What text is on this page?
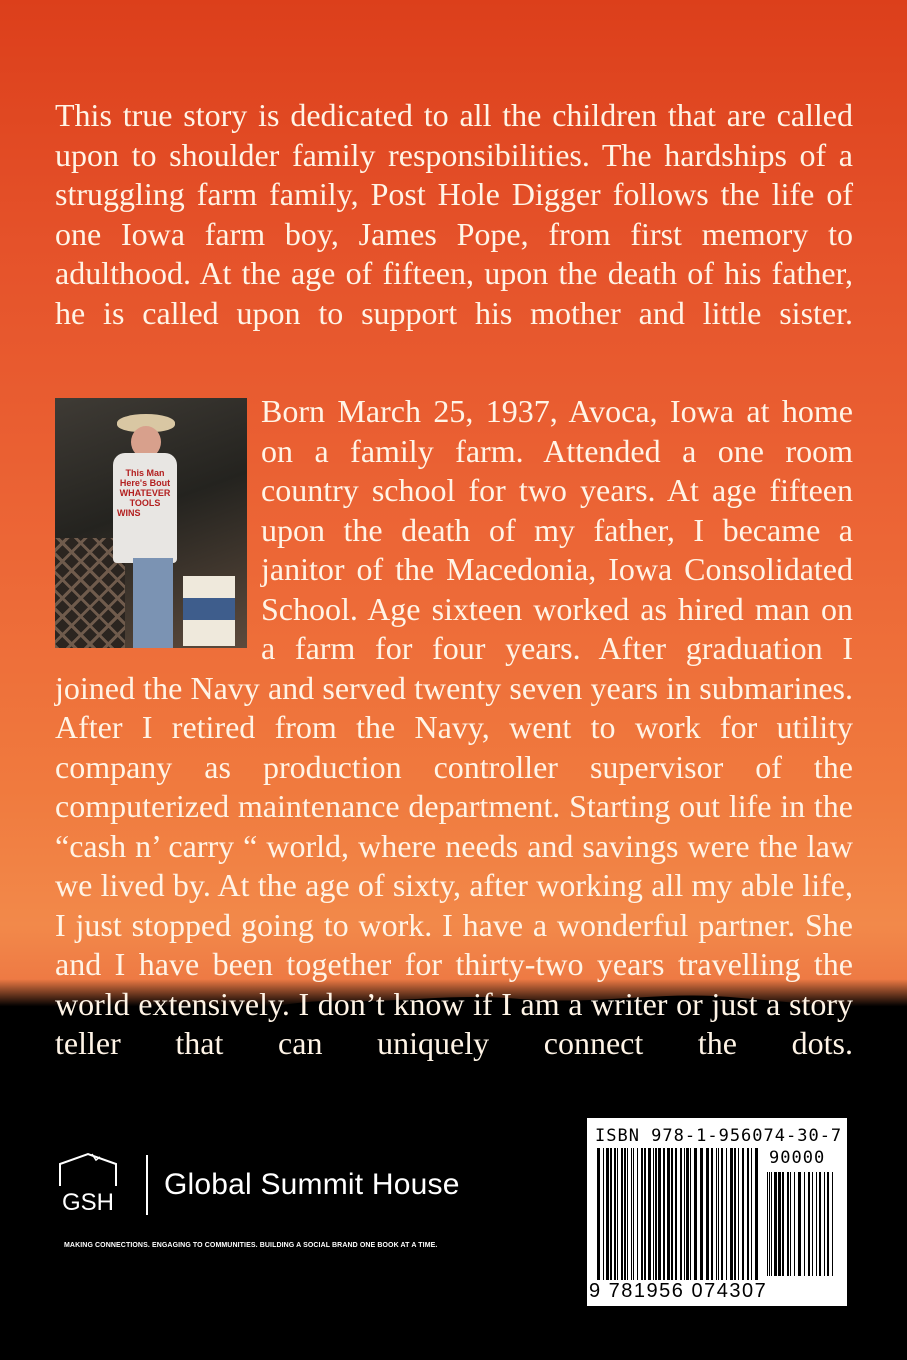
This true story is dedicated to all the children that are called upon to shoulder family responsibilities. The hardships of a struggling farm family, Post Hole Digger follows the life of one Iowa farm boy, James Pope, from first memory to adulthood. At the age of fifteen, upon the death of his father, he is called upon to support his mother and little sister.

This Man Here's Bout WHATEVER TOOLS WINS
Born March 25, 1937, Avoca, Iowa at home on a family farm. Attended a one room country school for two years. At age fifteen upon the death of my father, I became a janitor of the Macedonia, Iowa Consolidated School. Age sixteen worked as hired man on a farm for four years. After graduation I joined the Navy and served twenty seven years in submarines. After I retired from the Navy, went to work for utility company as production controller supervisor of the computerized maintenance department. Starting out life in the “cash n’ carry “ world, where needs and savings were the law we lived by. At the age of sixty, after working all my able life, I just stopped going to work. I have a wonderful partner. She and I have been together for thirty-two years travelling the world extensively. I don’t know if I am a writer or just a story teller that can uniquely connect the dots.
GSH
Global Summit House
MAKING CONNECTIONS. ENGAGING TO COMMUNITIES. BUILDING A SOCIAL BRAND ONE BOOK AT A TIME.
ISBN 978-1-956074-30-7
90000
9 781956 074307
